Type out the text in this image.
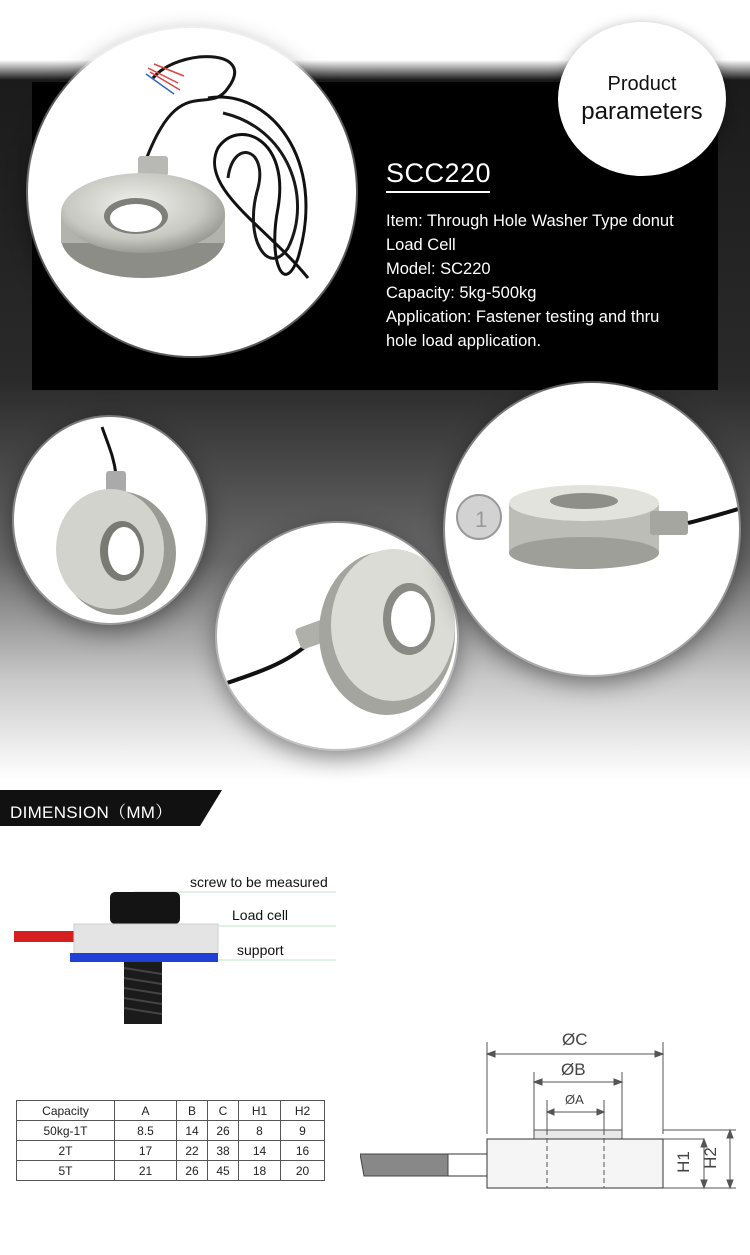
Product
parameters
SCC220
Item: Through Hole Washer Type donut
Load Cell
Model: SC220
Capacity: 5kg-500kg
Application: Fastener testing and thru
hole load application.
1
DIMENSION（MM）
screw to be measured
Load cell
support
Capacity	A	B	C	H1	H2
50kg-1T	8.5	14	26	8	9
2T	17	22	38	14	16
5T	21	26	45	18	20
ØC
ØB
ØA
H1 H2
